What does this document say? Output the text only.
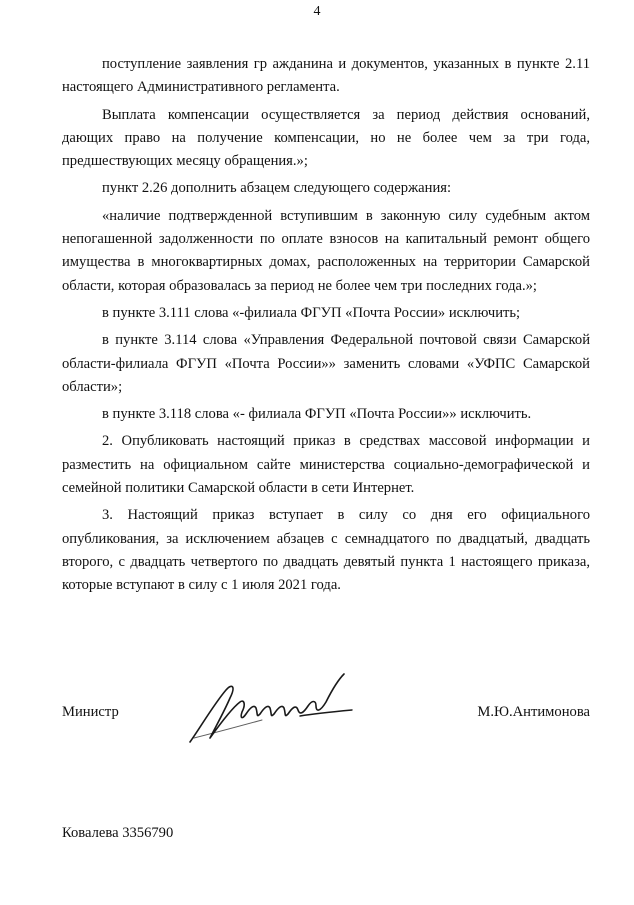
4

поступление заявления гр ажданина и документов, указанных в пункте 2.11 настоящего Административного регламента.

Выплата компенсации осуществляется за период действия оснований, дающих право на получение компенсации, но не более чем за три года, предшествующих месяцу обращения.»;

пункт 2.26 дополнить абзацем следующего содержания:

«наличие подтвержденной вступившим в законную силу судебным актом непогашенной задолженности по оплате взносов на капитальный ремонт общего имущества в многоквартирных домах, расположенных на территории Самарской области, которая образовалась за период не более чем три последних года.»;

в пункте 3.111 слова «-филиала ФГУП «Почта России» исключить;

в пункте 3.114 слова «Управления Федеральной почтовой связи Самарской области-филиала ФГУП «Почта России»» заменить словами «УФПС Самарской области»;

в пункте 3.118 слова «- филиала ФГУП «Почта России»» исключить.

2. Опубликовать настоящий приказ в средствах массовой информации и разместить на официальном сайте министерства социально-демографической и семейной политики Самарской области в сети Интернет.

3. Настоящий приказ вступает в силу со дня его официального опубликования, за исключением абзацев с семнадцатого по двадцатый, двадцать второго, с двадцать четвертого по двадцать девятый пункта 1 настоящего приказа, которые вступают в силу с 1 июля 2021 года.

Министр	М.Ю.Антимонова
Ковалева 3356790
